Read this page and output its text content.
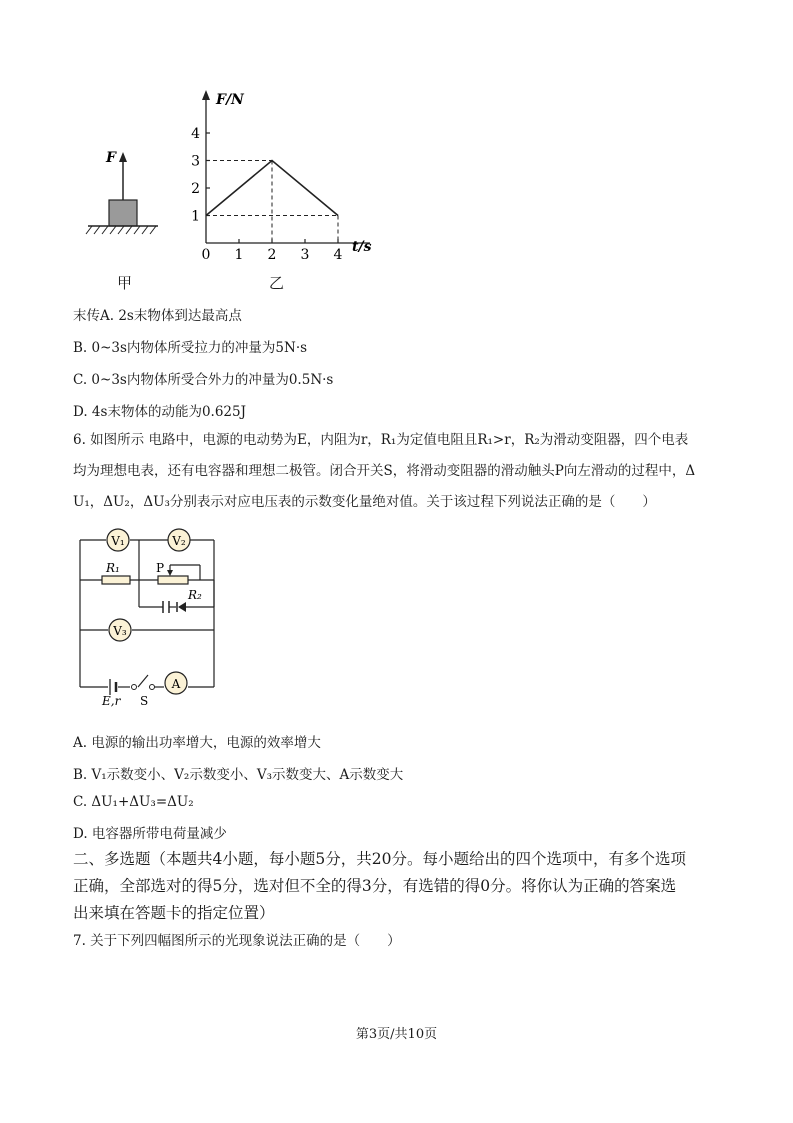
F
甲
F/N
t/s
1
2
3
4
0 1 2 3 4
乙
末传A. 2s末物体到达最高点
B. 0~3s内物体所受拉力的冲量为5N·s
C. 0~3s内物体所受合外力的冲量为0.5N·s
D. 4s末物体的动能为0.625J
6. 如图所示 电路中，电源的电动势为E，内阻为r，R₁为定值电阻且R₁>r，R₂为滑动变阻器，四个电表
均为理想电表，还有电容器和理想二极管。闭合开关S，将滑动变阻器的滑动触头P向左滑动的过程中，Δ
U₁，ΔU₂，ΔU₃分别表示对应电压表的示数变化量绝对值。关于该过程下列说法正确的是（　　）
V₁	V₂
R₁	P
R₂
V₃
E,r S
A
A. 电源的输出功率增大，电源的效率增大
B. V₁示数变小、V₂示数变小、V₃示数变大、A示数变大
C. ΔU₁+ΔU₃=ΔU₂
D. 电容器所带电荷量减少
二、多选题（本题共4小题，每小题5分，共20分。每小题给出的四个选项中，有多个选项
正确，全部选对的得5分，选对但不全的得3分，有选错的得0分。将你认为正确的答案选
出来填在答题卡的指定位置）
7. 关于下列四幅图所示的光现象说法正确的是（　　）
第3页/共10页
